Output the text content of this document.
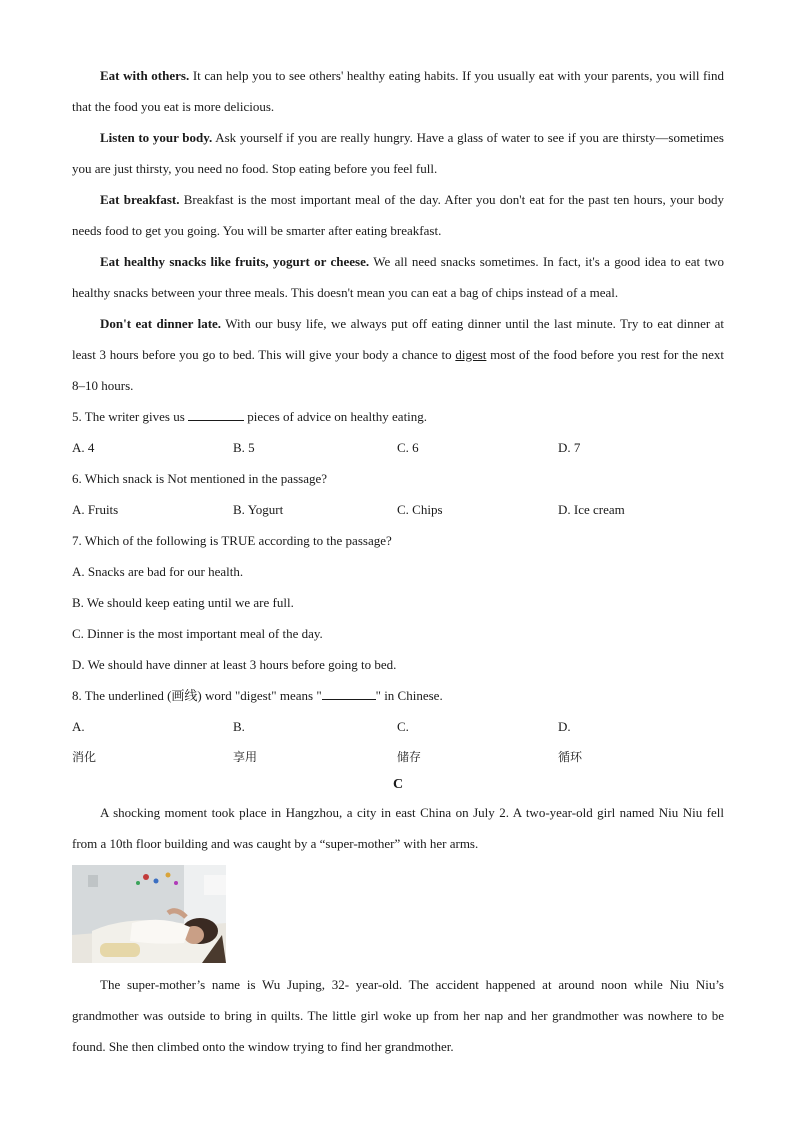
Eat with others. It can help you to see others' healthy eating habits. If you usually eat with your parents, you will find that the food you eat is more delicious.

Listen to your body. Ask yourself if you are really hungry. Have a glass of water to see if you are thirsty—sometimes you are just thirsty, you need no food. Stop eating before you feel full.

Eat breakfast. Breakfast is the most important meal of the day. After you don't eat for the past ten hours, your body needs food to get you going. You will be smarter after eating breakfast.

Eat healthy snacks like fruits, yogurt or cheese. We all need snacks sometimes. In fact, it's a good idea to eat two healthy snacks between your three meals. This doesn't mean you can eat a bag of chips instead of a meal.

Don't eat dinner late. With our busy life, we always put off eating dinner until the last minute. Try to eat dinner at least 3 hours before you go to bed. This will give your body a chance to digest most of the food before you rest for the next 8–10 hours.

5. The writer gives us	pieces of advice on healthy eating.

A. 4	B. 5	C. 6	D. 7

6. Which snack is Not mentioned in the passage?

A. Fruits	B. Yogurt	C. Chips	D. Ice cream

7. Which of the following is TRUE according to the passage?

A. Snacks are bad for our health.

B. We should keep eating until we are full.

C. Dinner is the most important meal of the day.

D. We should have dinner at least 3 hours before going to bed.

8. The underlined (画线) word "digest" means "	" in Chinese.

A.
消化
B.
享用
C.
储存
D.
循环

C

A shocking moment took place in Hangzhou, a city in east China on July 2. A two-year-old girl named Niu Niu fell from a 10th floor building and was caught by a “super-mother” with her arms.

The super-mother’s name is Wu Juping, 32- year-old. The accident happened at around noon while Niu Niu’s grandmother was outside to bring in quilts. The little girl woke up from her nap and her grandmother was nowhere to be found. She then climbed onto the window trying to find her grandmother.
